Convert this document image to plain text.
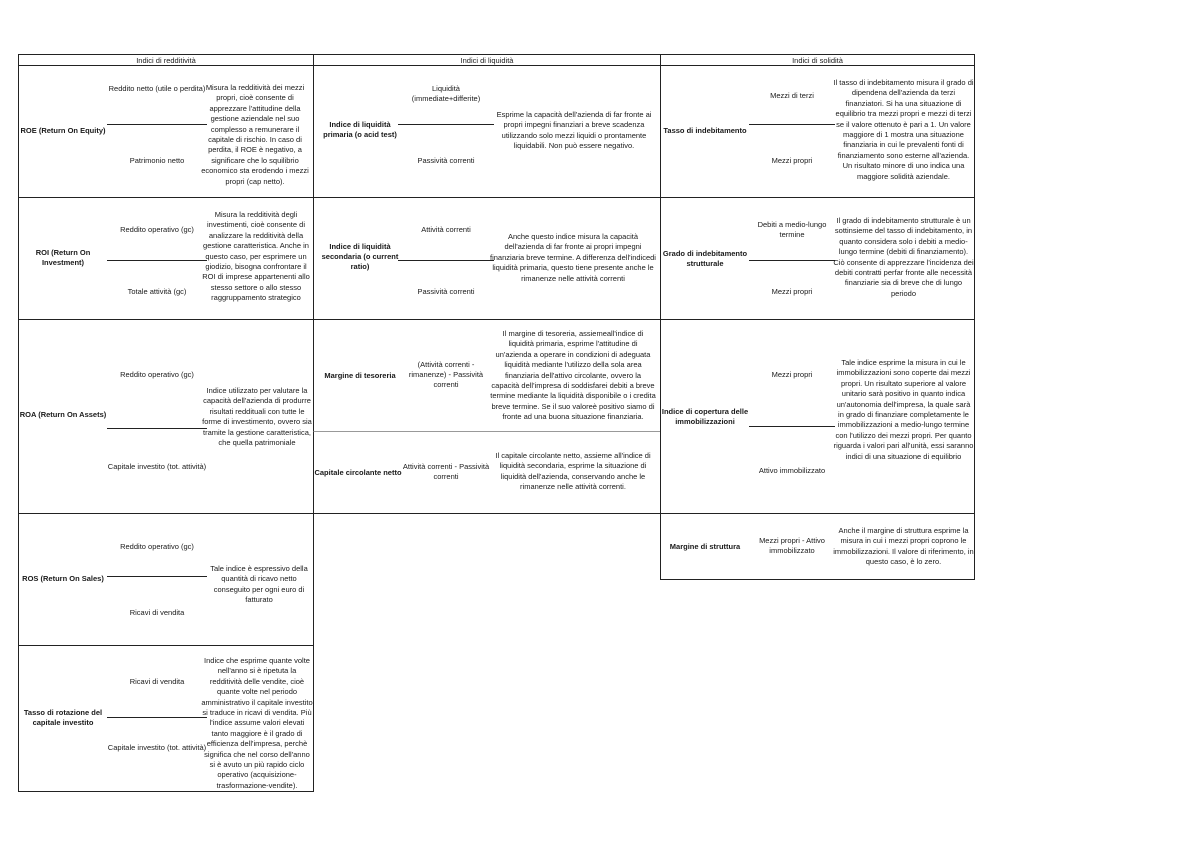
Indici di redditività	Indici di liquidità	Indici di solidità
ROE (Return On Equity)
Reddito netto (utile o perdita)
Patrimonio netto
Misura la redditività dei mezzi propri, cioè consente di apprezzare l'attitudine della gestione aziendale nel suo complesso a remunerare il capitale di rischio. In caso di perdita, il ROE è negativo, a significare che lo squilibrio economico sta erodendo i mezzi propri (cap netto).
ROI (Return On Investment)
Reddito operativo (gc)
Totale attività (gc)
Misura la redditività degli investimenti, cioè consente di analizzare la redditività della gestione caratteristica. Anche in questo caso, per esprimere un giodizio, bisogna confrontare il ROI di imprese appartenenti allo stesso settore o allo stesso raggruppamento strategico
ROA (Return On Assets)
Reddito operativo (gc)
Capitale investito (tot. attività)
Indice utilizzato per valutare la capacità dell'azienda di produrre risultati reddituali con tutte le forme di investimento, ovvero sia tramite la gestione caratteristica, che quella patrimoniale
ROS (Return On Sales)
Reddito operativo (gc)
Ricavi di vendita
Tale indice è espressivo della quantità di ricavo netto conseguito per ogni euro di fatturato
Tasso di rotazione del capitale investito
Ricavi di vendita
Capitale investito (tot. attività)
Indice che esprime quante volte nell'anno si è ripetuta la redditività delle vendite, cioè quante volte nel periodo amministrativo il capitale investito si traduce in ricavi di vendita. Più l'indice assume valori elevati tanto maggiore è il grado di efficienza dell'impresa, perchè significa che nel corso dell'anno si è avuto un più rapido ciclo operativo (acquisizione-trasformazione-vendite).
Indice di liquidità primaria (o acid test)
Liquidità (immediate+differite)
Passività correnti
Esprime la capacità dell'azienda di far fronte ai propri impegni finanziari a breve scadenza utilizzando solo mezzi liquidi o prontamente liquidabili. Non può essere negativo.
Indice di liquidità secondaria (o current ratio)
Attività correnti
Passività correnti
Anche questo indice misura la capacità dell'azienda di far fronte ai propri impegni finanziaria breve termine. A differenza dell'indicedi liquidità primaria, questo tiene presente anche le rimanenze nelle attività correnti
Margine di tesoreria
(Attività correnti - rimanenze) - Passività correnti
Il margine di tesoreria, assiemeall'indice di liquidità primaria, esprime l'attitudine di un'azienda a operare in condizioni di adeguata liquidità mediante l'utilizzo della sola area finanziaria dell'attivo circolante, ovvero la capacità dell'impresa di soddisfarei debiti a breve termine mediante la liquidità disponibile o i credita breve termine. Se il suo valoreè positivo siamo di fronte ad una buona situazione finanziaria.
Capitale circolante netto
Attività correnti - Passività correnti
Il capitale circolante netto, assieme all'indice di liquidità secondaria, esprime la situazione di liquidità dell'azienda, conservando anche le rimanenze nelle attività correnti.
Tasso di indebitamento
Mezzi di terzi
Mezzi propri
Il tasso di indebitamento misura il grado di dipendena dell'azienda da terzi finanziatori. Si ha una situazione di equilibrio tra mezzi propri e mezzi di terzi se il valore ottenuto è pari a 1. Un valore maggiore di 1 mostra una situazione finanziaria in cui le prevalenti fonti di finanziamento sono esterne all'azienda. Un risultato minore di uno indica una maggiore solidità aziendale.
Grado di indebitamento strutturale
Debiti a medio-lungo termine
Mezzi propri
Il grado di indebitamento strutturale è un sottinsieme del tasso di indebitamento, in quanto considera solo i debiti a medio-lungo termine (debiti di finanziamento). Ciò consente di apprezzare l'incidenza dei debiti contratti perfar fronte alle necessità finanziarie sia di breve che di lungo periodo
Indice di copertura delle immobilizzazioni
Mezzi propri
Attivo immobilizzato
Tale indice esprime la misura in cui le immobilizzazioni sono coperte dai mezzi propri. Un risultato superiore al valore unitario sarà positivo in quanto indica un'autonomia dell'impresa, la quale sarà in grado di finanziare completamente le immobilizzazioni a medio-lungo termine con l'utilizzo dei mezzi propri. Per quanto riguarda i valori pari all'unità, essi saranno indici di una situazione di equilibrio
Margine di struttura
Mezzi propri - Attivo immobilizzato
Anche il margine di struttura esprime la misura in cui i mezzi propri coprono le immobilizzazioni. Il valore di riferimento, in questo caso, è lo zero.
